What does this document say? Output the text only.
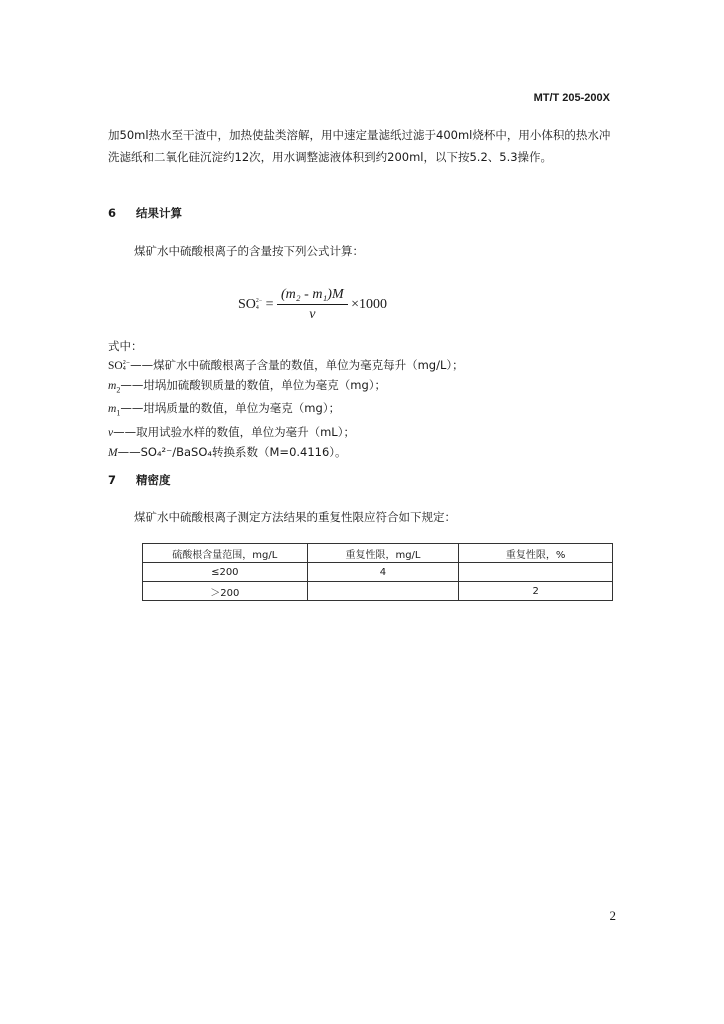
MT/T 205-200X
加50ml热水至干渣中，加热使盐类溶解，用中速定量滤纸过滤于400ml烧杯中，用小体积的热水冲洗滤纸和二氧化硅沉淀约12次，用水调整滤液体积到约200ml，以下按5.2、5.3操作。
6 结果计算
煤矿水中硫酸根离子的含量按下列公式计算：
SO 2−
$4 = \frac{\text{(m₂ - m₁)M}}{v} \times 1000$
式中：
SO 2−
4 ——煤矿水中硫酸根离子含量的数值，单位为毫克每升（mg/L）；
$m_2——$坩埚加硫酸钡质量的数值，单位为毫克（mg）；
$m_1——$坩埚质量的数值，单位为毫克（mg）；
v——取用试验水样的数值，单位为毫升（mL）；
M——SO₄²⁻/BaSO₄转换系数（M=0.4116）。
7 精密度
煤矿水中硫酸根离子测定方法结果的重复性限应符合如下规定：
硫酸根含量范围，mg/L	重复性限，mg/L	重复性限，%
≤200	4	
＞200		2
2
